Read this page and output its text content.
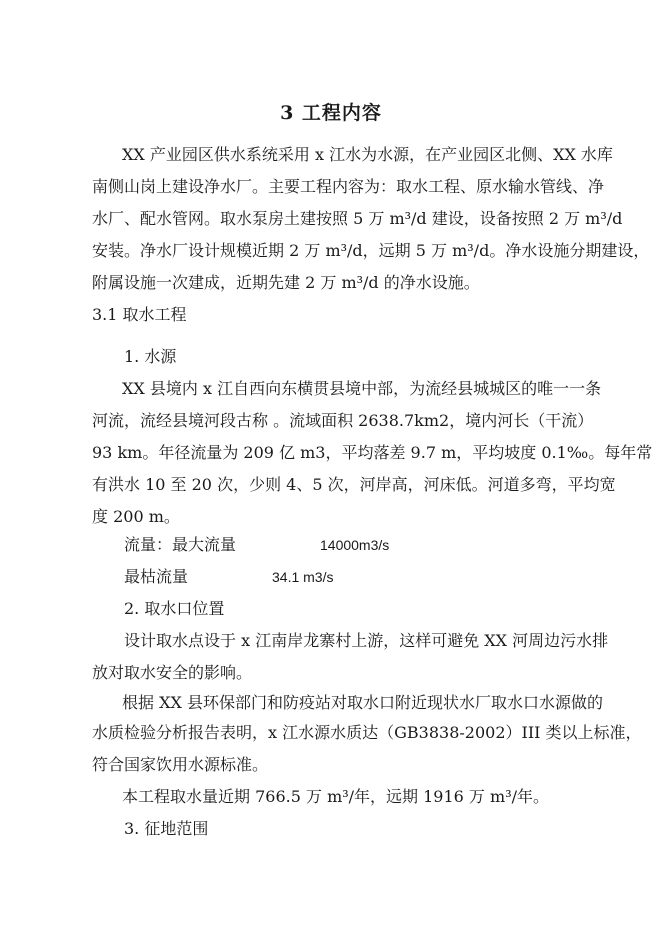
3 工程内容
XX 产业园区供水系统采用 x 江水为水源，在产业园区北侧、XX 水库
南侧山岗上建设净水厂。主要工程内容为：取水工程、原水输水管线、净
水厂、配水管网。取水泵房土建按照 5 万 m³/d 建设，设备按照 2 万 m³/d
安装。净水厂设计规模近期 2 万 m³/d，远期 5 万 m³/d。净水设施分期建设，
附属设施一次建成，近期先建 2 万 m³/d 的净水设施。
3.1 取水工程
1. 水源
XX 县境内 x 江自西向东横贯县境中部，为流经县城城区的唯一一条
河流，流经县境河段古称 。流域面积 2638.7km2，境内河长（干流）
93 km。年径流量为 209 亿 m3，平均落差 9.7 m，平均坡度 0.1‰。每年常
有洪水 10 至 20 次，少则 4、5 次，河岸高，河床低。河道多弯，平均宽
度 200 m。
流量：最大流量	14000m3/s
最枯流量	34.1 m3/s
2. 取水口位置
设计取水点设于 x 江南岸龙寨村上游，这样可避免 XX 河周边污水排
放对取水安全的影响。
根据 XX 县环保部门和防疫站对取水口附近现状水厂取水口水源做的
水质检验分析报告表明，x 江水源水质达（GB3838-2002）III 类以上标准，
符合国家饮用水源标准。
本工程取水量近期 766.5 万 m³/年，远期 1916 万 m³/年。
3. 征地范围
